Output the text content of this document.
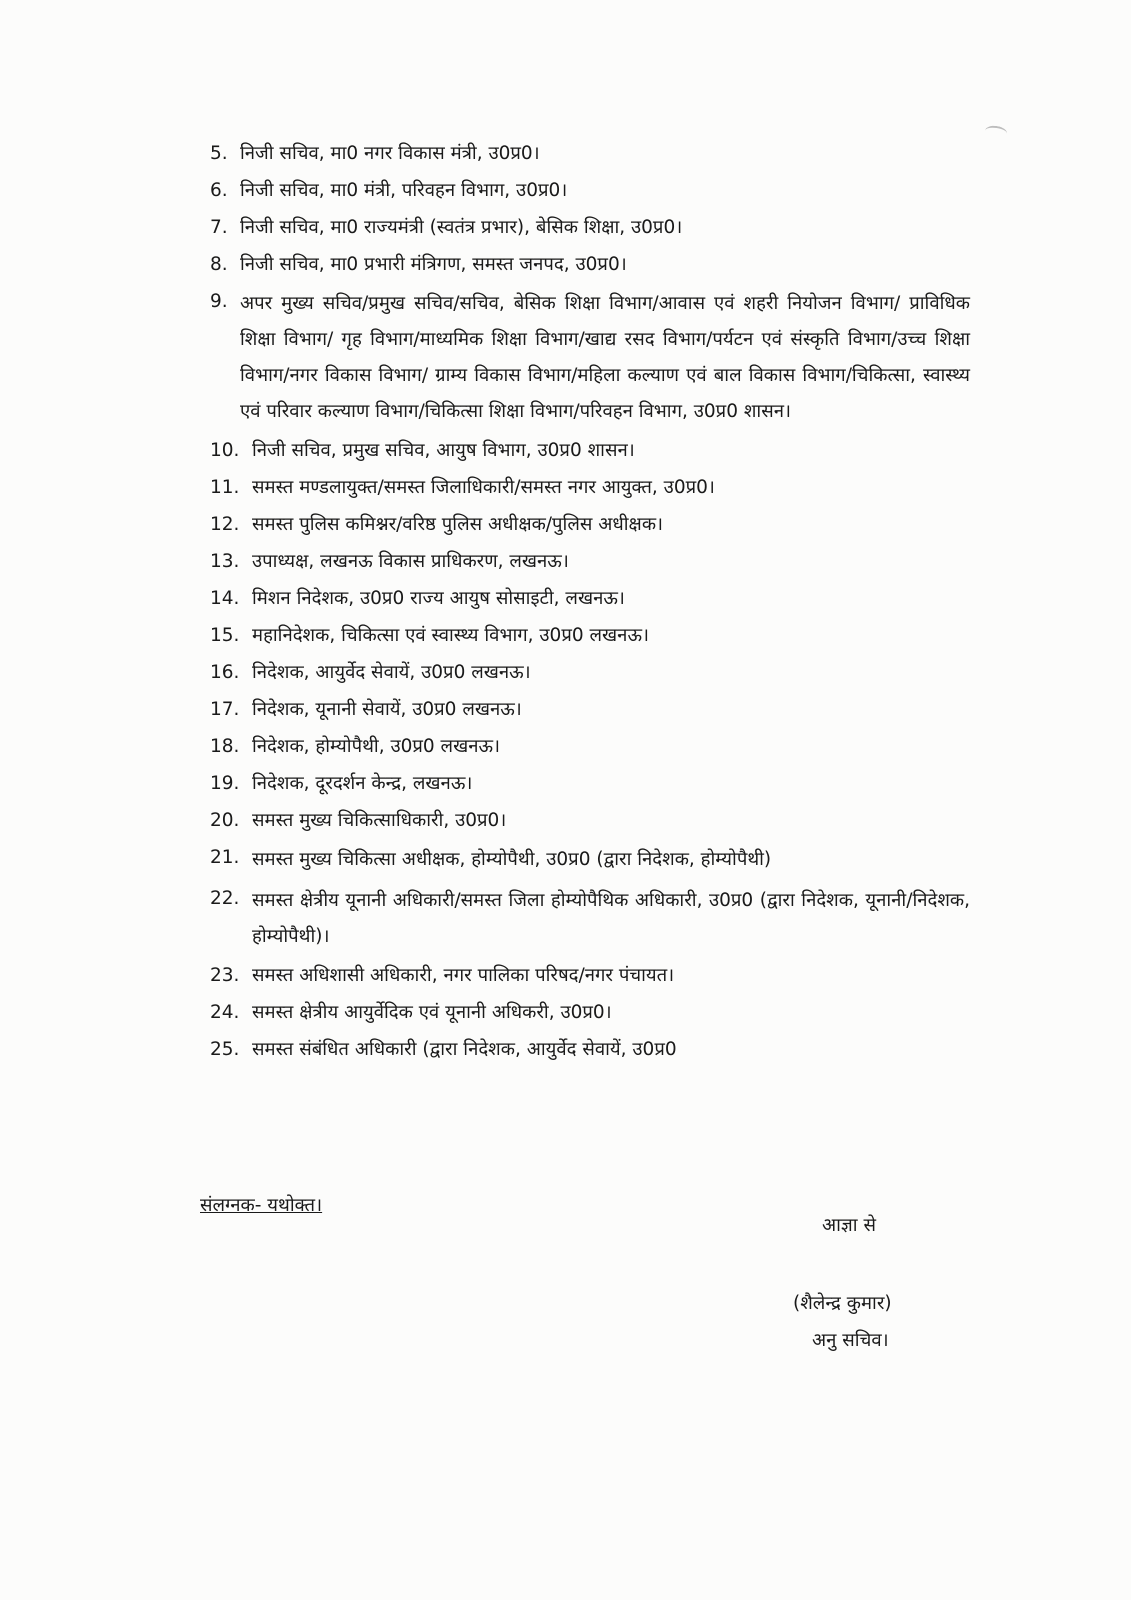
5. निजी सचिव, मा0 नगर विकास मंत्री, उ0प्र0।
6. निजी सचिव, मा0 मंत्री, परिवहन विभाग, उ0प्र0।
7. निजी सचिव, मा0 राज्यमंत्री (स्वतंत्र प्रभार), बेसिक शिक्षा, उ0प्र0।
8. निजी सचिव, मा0 प्रभारी मंत्रिगण, समस्त जनपद, उ0प्र0।
9. अपर मुख्य सचिव/प्रमुख सचिव/सचिव, बेसिक शिक्षा विभाग/आवास एवं शहरी नियोजन विभाग/ प्राविधिक शिक्षा विभाग/ गृह विभाग/माध्यमिक शिक्षा विभाग/खाद्य रसद विभाग/पर्यटन एवं संस्कृति विभाग/उच्च शिक्षा विभाग/नगर विकास विभाग/ ग्राम्य विकास विभाग/महिला कल्याण एवं बाल विकास विभाग/चिकित्सा, स्वास्थ्य एवं परिवार कल्याण विभाग/चिकित्सा शिक्षा विभाग/परिवहन विभाग, उ0प्र0 शासन।
10. निजी सचिव, प्रमुख सचिव, आयुष विभाग, उ0प्र0 शासन।
11. समस्त मण्डलायुक्त/समस्त जिलाधिकारी/समस्त नगर आयुक्त, उ0प्र0।
12. समस्त पुलिस कमिश्नर/वरिष्ठ पुलिस अधीक्षक/पुलिस अधीक्षक।
13. उपाध्यक्ष, लखनऊ विकास प्राधिकरण, लखनऊ।
14. मिशन निदेशक, उ0प्र0 राज्य आयुष सोसाइटी, लखनऊ।
15. महानिदेशक, चिकित्सा एवं स्वास्थ्य विभाग, उ0प्र0 लखनऊ।
16. निदेशक, आयुर्वेद सेवायें, उ0प्र0 लखनऊ।
17. निदेशक, यूनानी सेवायें, उ0प्र0 लखनऊ।
18. निदेशक, होम्योपैथी, उ0प्र0 लखनऊ।
19. निदेशक, दूरदर्शन केन्द्र, लखनऊ।
20. समस्त मुख्य चिकित्साधिकारी, उ0प्र0।
21. समस्त मुख्य चिकित्सा अधीक्षक, होम्योपैथी, उ0प्र0 (द्वारा निदेशक, होम्योपैथी)
22. समस्त क्षेत्रीय यूनानी अधिकारी/समस्त जिला होम्योपैथिक अधिकारी, उ0प्र0 (द्वारा निदेशक, यूनानी/निदेशक, होम्योपैथी)।
23. समस्त अधिशासी अधिकारी, नगर पालिका परिषद/नगर पंचायत।
24. समस्त क्षेत्रीय आयुर्वेदिक एवं यूनानी अधिकरी, उ0प्र0।
25. समस्त संबंधित अधिकारी (द्वारा निदेशक, आयुर्वेद सेवायें, उ0प्र0
संलग्नक- यथोक्त।
आज्ञा से
(शैलेन्द्र कुमार)
अनु सचिव।
